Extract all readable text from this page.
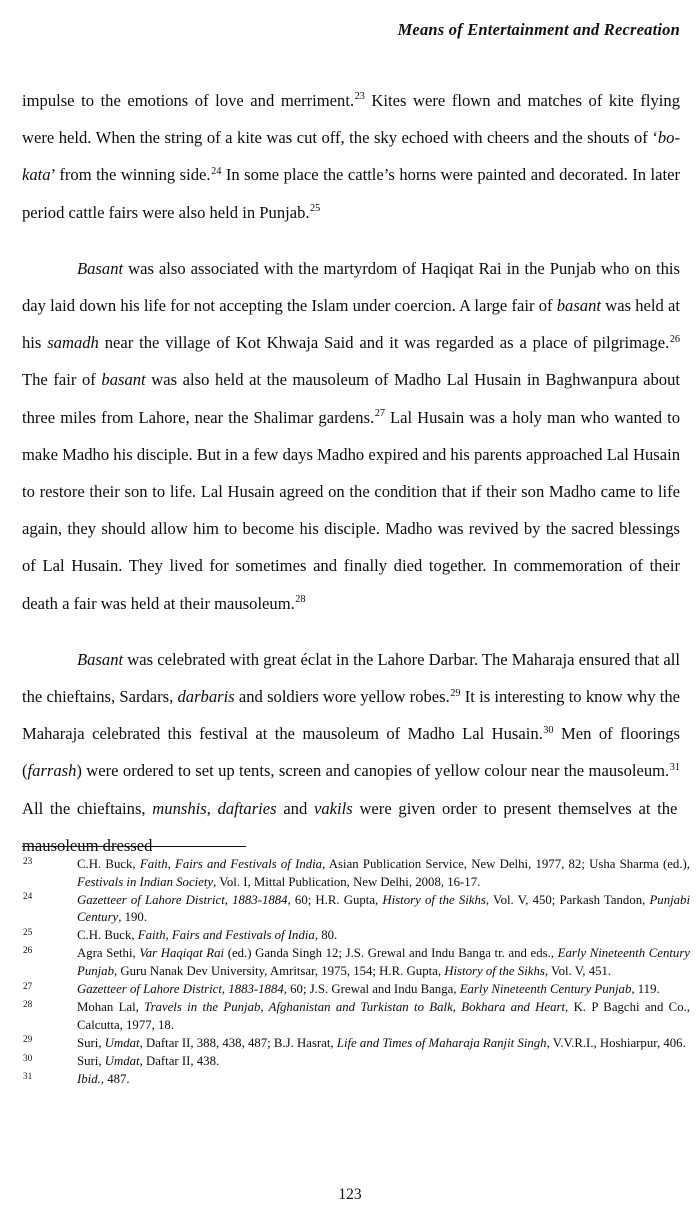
Means of Entertainment and Recreation

impulse to the emotions of love and merriment.$^{23}$ Kites were flown and matches of kite flying were held. When the string of a kite was cut off, the sky echoed with cheers and the shouts of ‘bo-kata’ from the winning side.$^{24}$ In some place the cattle’s horns were painted and decorated. In later period cattle fairs were also held in Punjab.$^{25}$

Basant was also associated with the martyrdom of Haqiqat Rai in the Punjab who on this day laid down his life for not accepting the Islam under coercion. A large fair of basant was held at his samadh near the village of Kot Khwaja Said and it was regarded as a place of pilgrimage.$^{26}$ The fair of basant was also held at the mausoleum of Madho Lal Husain in Baghwanpura about three miles from Lahore, near the Shalimar gardens.$^{27}$ Lal Husain was a holy man who wanted to make Madho his disciple. But in a few days Madho expired and his parents approached Lal Husain to restore their son to life. Lal Husain agreed on the condition that if their son Madho came to life again, they should allow him to become his disciple. Madho was revived by the sacred blessings of Lal Husain. They lived for sometimes and finally died together. In commemoration of their death a fair was held at their mausoleum.$^{28}$

Basant was celebrated with great éclat in the Lahore Darbar. The Maharaja ensured that all the chieftains, Sardars, darbaris and soldiers wore yellow robes.$^{29}$ It is interesting to know why the Maharaja celebrated this festival at the mausoleum of Madho Lal Husain.$^{30}$ Men of floorings (farrash) were ordered to set up tents, screen and canopies of yellow colour near the mausoleum.$^{31}$ All the chieftains, munshis, daftaries and vakils were given order to present themselves at the mausoleum dressed

23	C.H. Buck, Faith, Fairs and Festivals of India, Asian Publication Service, New Delhi, 1977, 82; Usha Sharma (ed.), Festivals in Indian Society, Vol. I, Mittal Publication, New Delhi, 2008, 16-17.
24	Gazetteer of Lahore District, 1883-1884, 60; H.R. Gupta, History of the Sikhs, Vol. V, 450; Parkash Tandon, Punjabi Century, 190.
25	C.H. Buck, Faith, Fairs and Festivals of India, 80.
26	Agra Sethi, Var Haqiqat Rai (ed.) Ganda Singh 12; J.S. Grewal and Indu Banga tr. and eds., Early Nineteenth Century Punjab, Guru Nanak Dev University, Amritsar, 1975, 154; H.R. Gupta, History of the Sikhs, Vol. V, 451.
27	Gazetteer of Lahore District, 1883-1884, 60; J.S. Grewal and Indu Banga, Early Nineteenth Century Punjab, 119.
28	Mohan Lal, Travels in the Punjab, Afghanistan and Turkistan to Balk, Bokhara and Heart, K. P Bagchi and Co., Calcutta, 1977, 18.
29	Suri, Umdat, Daftar II, 388, 438, 487; B.J. Hasrat, Life and Times of Maharaja Ranjit Singh, V.V.R.I., Hoshiarpur, 406.
30	Suri, Umdat, Daftar II, 438.
31	Ibid., 487.
123
